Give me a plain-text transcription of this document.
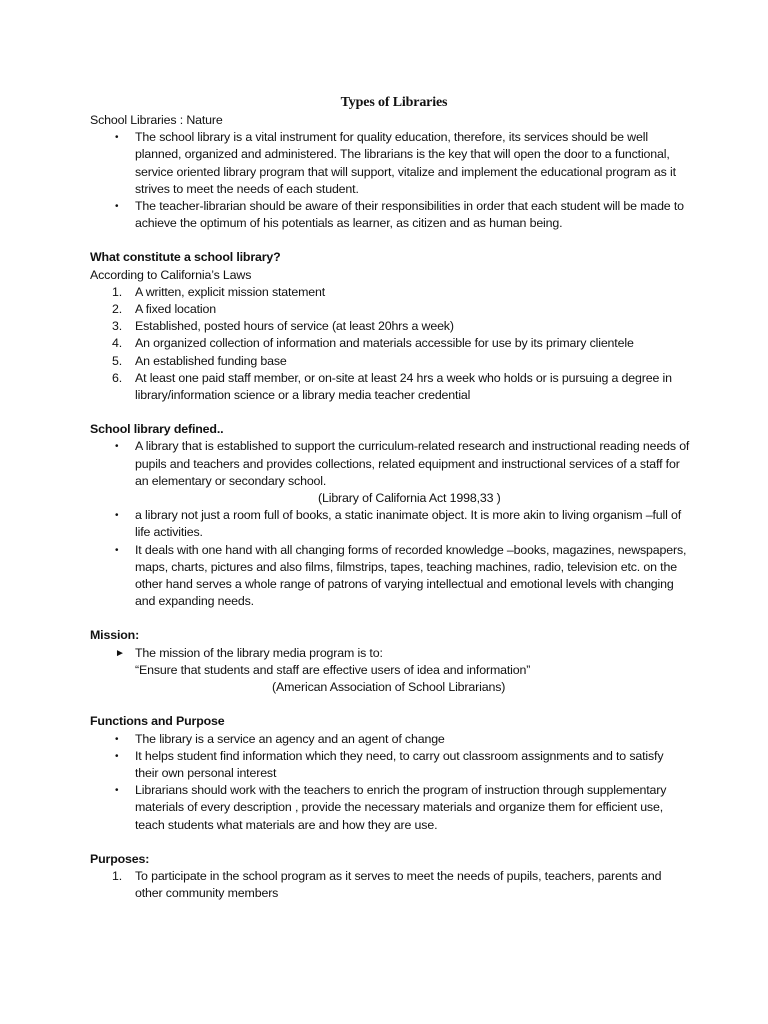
Types of Libraries

School Libraries : Nature

•	The school library is a vital instrument for quality education, therefore, its services should be well planned, organized and administered. The librarians is the key that will open the door to a functional, service oriented library program that will support, vitalize and implement the educational program as it strives to meet the needs of each student.
•	The teacher-librarian should be aware of their responsibilities in order that each student will be made to achieve the optimum of his potentials as learner, as citizen and as human being.

What constitute a school library?

According to California’s Laws

1.	A written, explicit mission statement
2.	A fixed location
3.	Established, posted hours of service (at least 20hrs a week)
4.	An organized collection of information and materials accessible for use by its primary clientele
5.	An established funding base
6.	At least one paid staff member, or on-site at least 24 hrs a week who holds or is pursuing a degree in library/information science or a library media teacher credential

School library defined..

•	A library that is established to support the curriculum-related research and instructional reading needs of pupils and teachers and provides collections, related equipment and instructional services of a staff for an elementary or secondary school.

(Library of California Act 1998,33 )

•	a library not just a room full of books, a static inanimate object. It is more akin to living organism –full of life activities.
•	It deals with one hand with all changing forms of recorded knowledge –books, magazines, newspapers, maps, charts, pictures and also films, filmstrips, tapes, teaching machines, radio, television etc. on the other hand serves a whole range of patrons of varying intellectual and emotional levels with changing and expanding needs.

Mission:

► The mission of the library media program is to:

“Ensure that students and staff are effective users of idea and information”

(American Association of School Librarians)

Functions and Purpose

•	The library is a service an agency and an agent of change
•	It helps student find information which they need, to carry out classroom assignments and to satisfy their own personal interest
•	Librarians should work with the teachers to enrich the program of instruction through supplementary materials of every description , provide the necessary materials and organize them for efficient use, teach students what materials are and how they are use.

Purposes:

1.	To participate in the school program as it serves to meet the needs of pupils, teachers, parents and other community members
